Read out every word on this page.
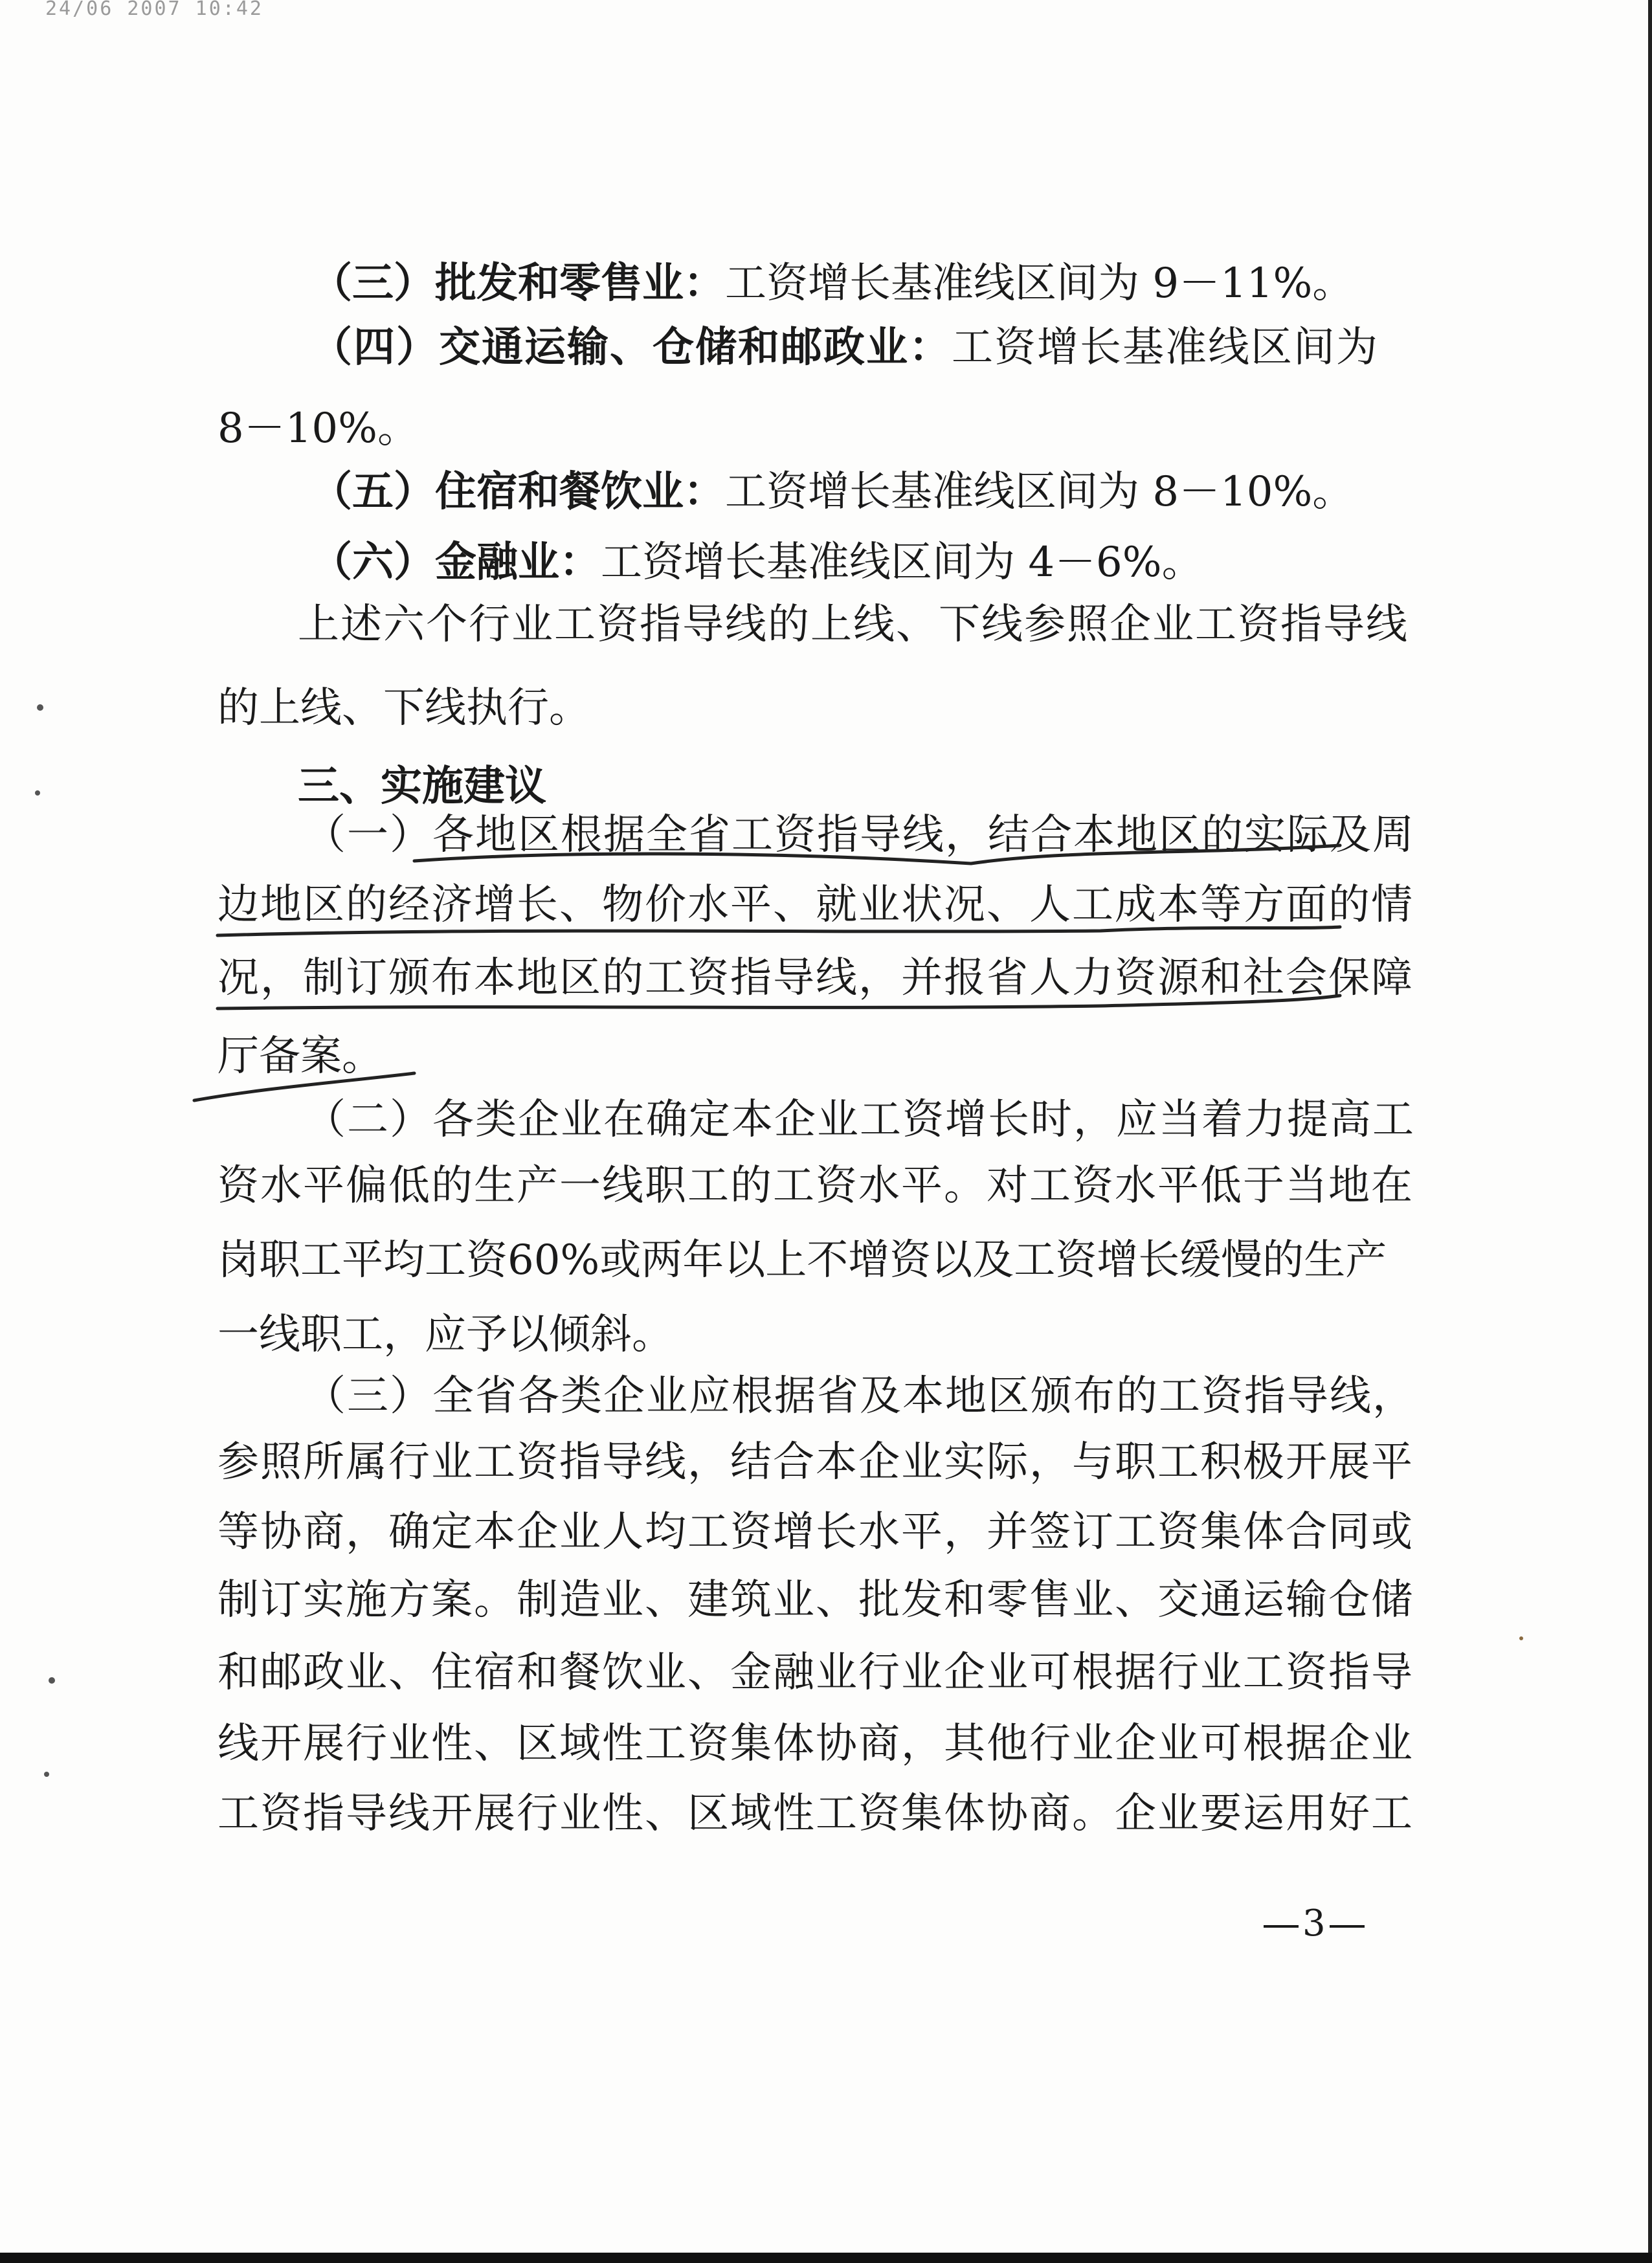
24/06 2007 10:42
（三）批发和零售业：工资增长基准线区间为 9－11%。
（四）交通运输、仓储和邮政业：工资增长基准线区间为
8－10%。
（五）住宿和餐饮业：工资增长基准线区间为 8－10%。
（六）金融业：工资增长基准线区间为 4－6%。
上述六个行业工资指导线的上线、下线参照企业工资指导线
的上线、下线执行。
三、实施建议
（一）各地区根据全省工资指导线，结合本地区的实际及周
边地区的经济增长、物价水平、就业状况、人工成本等方面的情
况，制订颁布本地区的工资指导线，并报省人力资源和社会保障
厅备案。
（二）各类企业在确定本企业工资增长时，应当着力提高工
资水平偏低的生产一线职工的工资水平。对工资水平低于当地在
岗职工平均工资60%或两年以上不增资以及工资增长缓慢的生产
一线职工，应予以倾斜。
（三）全省各类企业应根据省及本地区颁布的工资指导线，
参照所属行业工资指导线，结合本企业实际，与职工积极开展平
等协商，确定本企业人均工资增长水平，并签订工资集体合同或
制订实施方案。制造业、建筑业、批发和零售业、交通运输仓储
和邮政业、住宿和餐饮业、金融业行业企业可根据行业工资指导
线开展行业性、区域性工资集体协商，其他行业企业可根据企业
工资指导线开展行业性、区域性工资集体协商。企业要运用好工
3
